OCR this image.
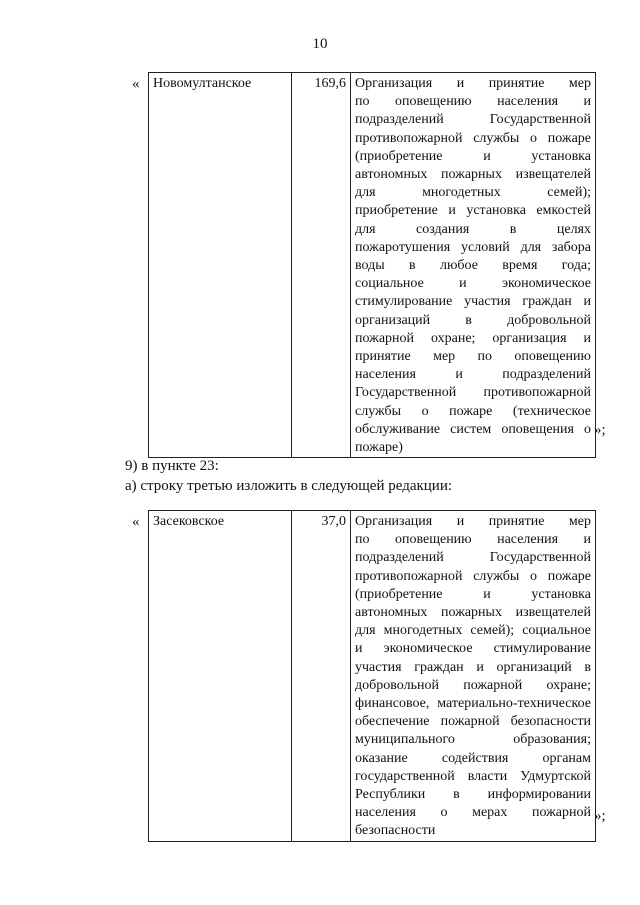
10
« Новомултанское	169,6	Организация и принятие мер
по оповещению населения и
подразделений Государственной
противопожарной службы о пожаре
(приобретение и установка
автономных пожарных извещателей
для многодетных семей);
приобретение и установка емкостей
для создания в целях
пожаротушения условий для забора
воды в любое время года;
социальное и экономическое
стимулирование участия граждан и
организаций в добровольной
пожарной охране; организация и
принятие мер по оповещению
населения и подразделений
Государственной противопожарной
службы о пожаре (техническое
обслуживание систем оповещения о
пожаре)
»;
9) в пункте 23:
а) строку третью изложить в следующей редакции:
« Засековское	37,0	Организация и принятие мер
по оповещению населения и
подразделений Государственной
противопожарной службы о пожаре
(приобретение и установка
автономных пожарных извещателей
для многодетных семей); социальное
и экономическое стимулирование
участия граждан и организаций в
добровольной пожарной охране;
финансовое, материально-техническое
обеспечение пожарной безопасности
муниципального образования;
оказание содействия органам
государственной власти Удмуртской
Республики в информировании
населения о мерах пожарной
безопасности
»;
